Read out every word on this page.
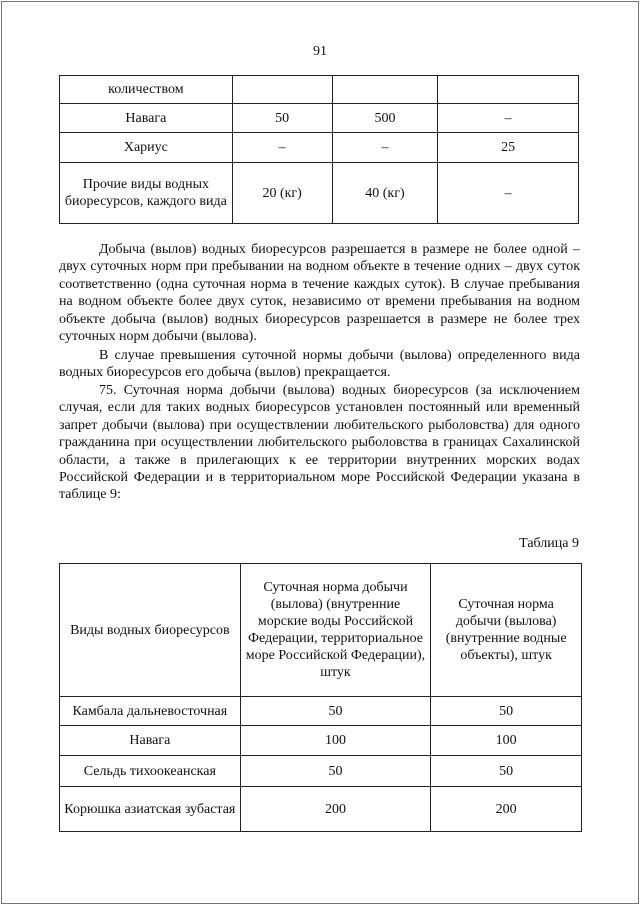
91
количеством			
Навага	50	500	–
Хариус	–	–	25
Прочие виды водных биоресурсов, каждого вида	20 (кг)	40 (кг)	–
Добыча (вылов) водных биоресурсов разрешается в размере не более одной – двух суточных норм при пребывании на водном объекте в течение одних – двух суток соответственно (одна суточная норма в течение каждых суток). В случае пребывания на водном объекте более двух суток, независимо от времени пребывания на водном объекте добыча (вылов) водных биоресурсов разрешается в размере не более трех суточных норм добычи (вылова).
В случае превышения суточной нормы добычи (вылова) определенного вида водных биоресурсов его добыча (вылов) прекращается.
75. Суточная норма добычи (вылова) водных биоресурсов (за исключением случая, если для таких водных биоресурсов установлен постоянный или временный запрет добычи (вылова) при осуществлении любительского рыболовства) для одного гражданина при осуществлении любительского рыболовства в границах Сахалинской области, а также в прилегающих к ее территории внутренних морских водах Российской Федерации и в территориальном море Российской Федерации указана в таблице 9:
Таблица 9
Виды водных биоресурсов	Суточная норма добычи (вылова) (внутренние морские воды Российской Федерации, территориальное море Российской Федерации), штук	Суточная норма добычи (вылова) (внутренние водные объекты), штук
Камбала дальневосточная	50	50
Навага	100	100
Сельдь тихоокеанская	50	50
Корюшка азиатская зубастая	200	200
